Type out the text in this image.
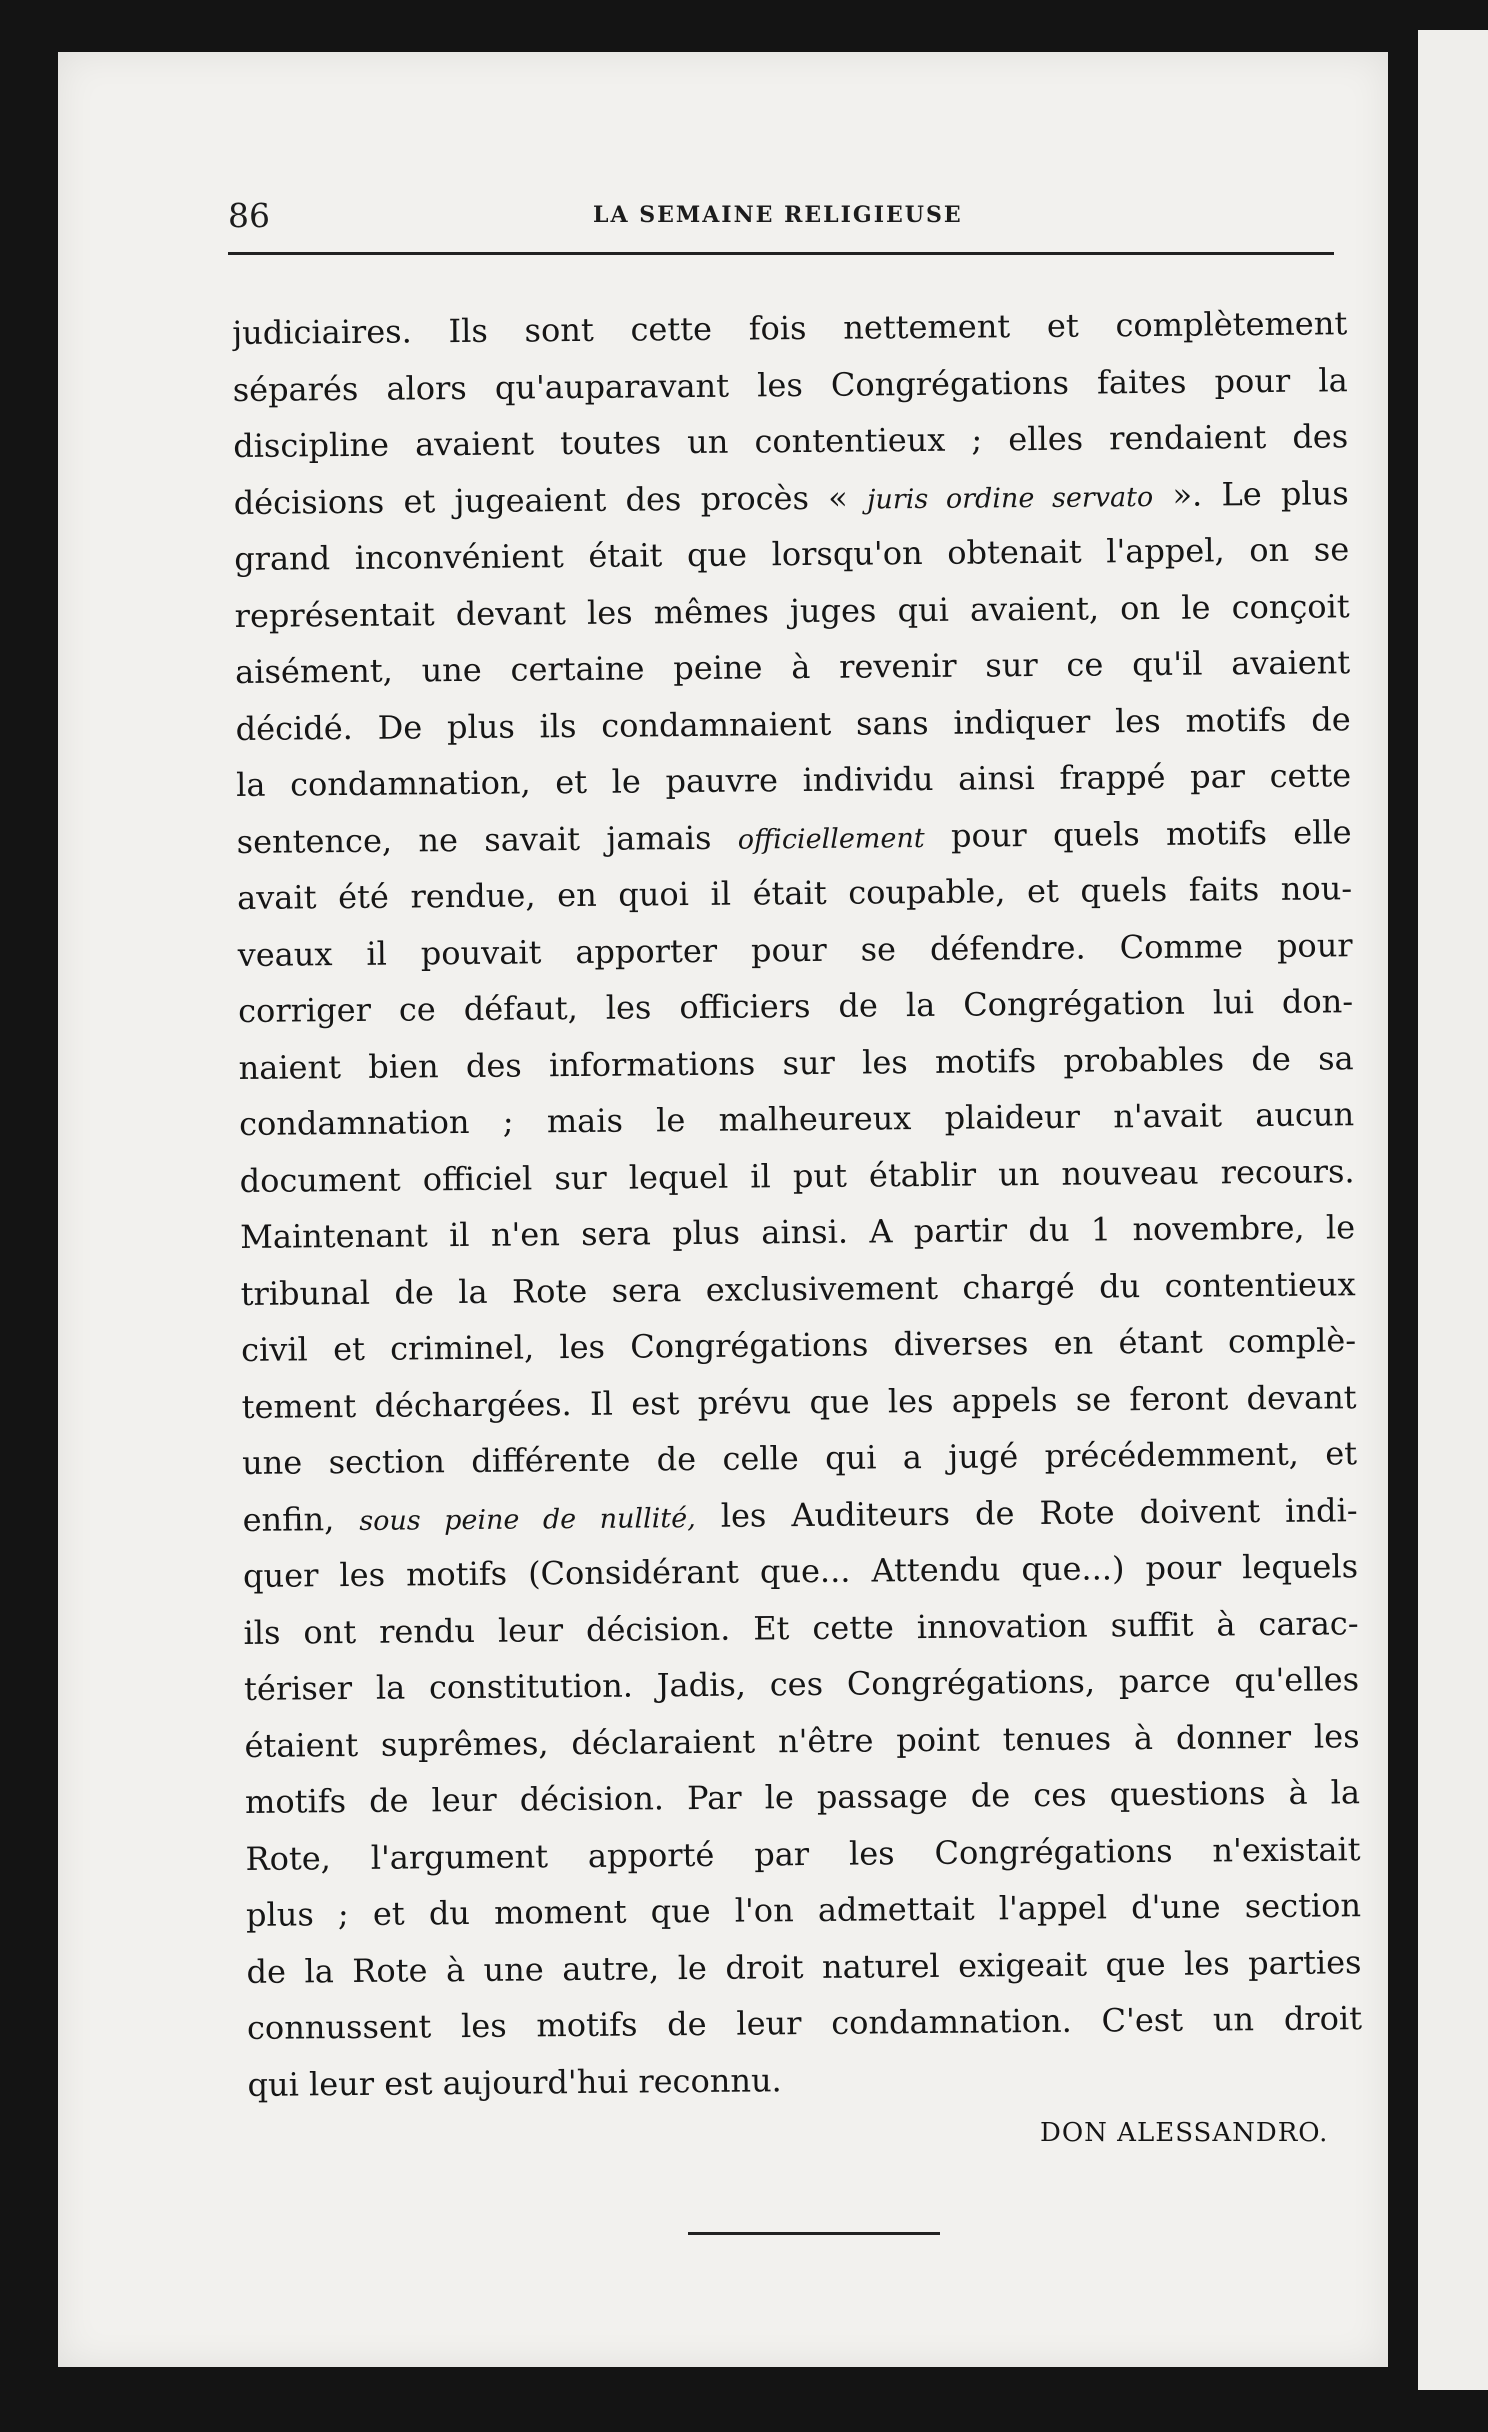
86	LA SEMAINE RELIGIEUSE
judiciaires. Ils sont cette fois nettement et complètement
séparés alors qu'auparavant les Congrégations faites pour la
discipline avaient toutes un contentieux ; elles rendaient des
décisions et jugeaient des procès « juris ordine servato ». Le plus
grand inconvénient était que lorsqu'on obtenait l'appel, on se
représentait devant les mêmes juges qui avaient, on le conçoit
aisément, une certaine peine à revenir sur ce qu'il avaient
décidé. De plus ils condamnaient sans indiquer les motifs de
la condamnation, et le pauvre individu ainsi frappé par cette
sentence, ne savait jamais officiellement pour quels motifs elle
avait été rendue, en quoi il était coupable, et quels faits nou-
veaux il pouvait apporter pour se défendre. Comme pour
corriger ce défaut, les officiers de la Congrégation lui don-
naient bien des informations sur les motifs probables de sa
condamnation ; mais le malheureux plaideur n'avait aucun
document officiel sur lequel il put établir un nouveau recours.
Maintenant il n'en sera plus ainsi. A partir du 1 novembre, le
tribunal de la Rote sera exclusivement chargé du contentieux
civil et criminel, les Congrégations diverses en étant complè-
tement déchargées. Il est prévu que les appels se feront devant
une section différente de celle qui a jugé précédemment, et
enfin, sous peine de nullité, les Auditeurs de Rote doivent indi-
quer les motifs (Considérant que... Attendu que...) pour lequels
ils ont rendu leur décision. Et cette innovation suffit à carac-
tériser la constitution. Jadis, ces Congrégations, parce qu'elles
étaient suprêmes, déclaraient n'être point tenues à donner les
motifs de leur décision. Par le passage de ces questions à la
Rote, l'argument apporté par les Congrégations n'existait
plus ; et du moment que l'on admettait l'appel d'une section
de la Rote à une autre, le droit naturel exigeait que les parties
connussent les motifs de leur condamnation. C'est un droit
qui leur est aujourd'hui reconnu.
DON ALESSANDRO.
